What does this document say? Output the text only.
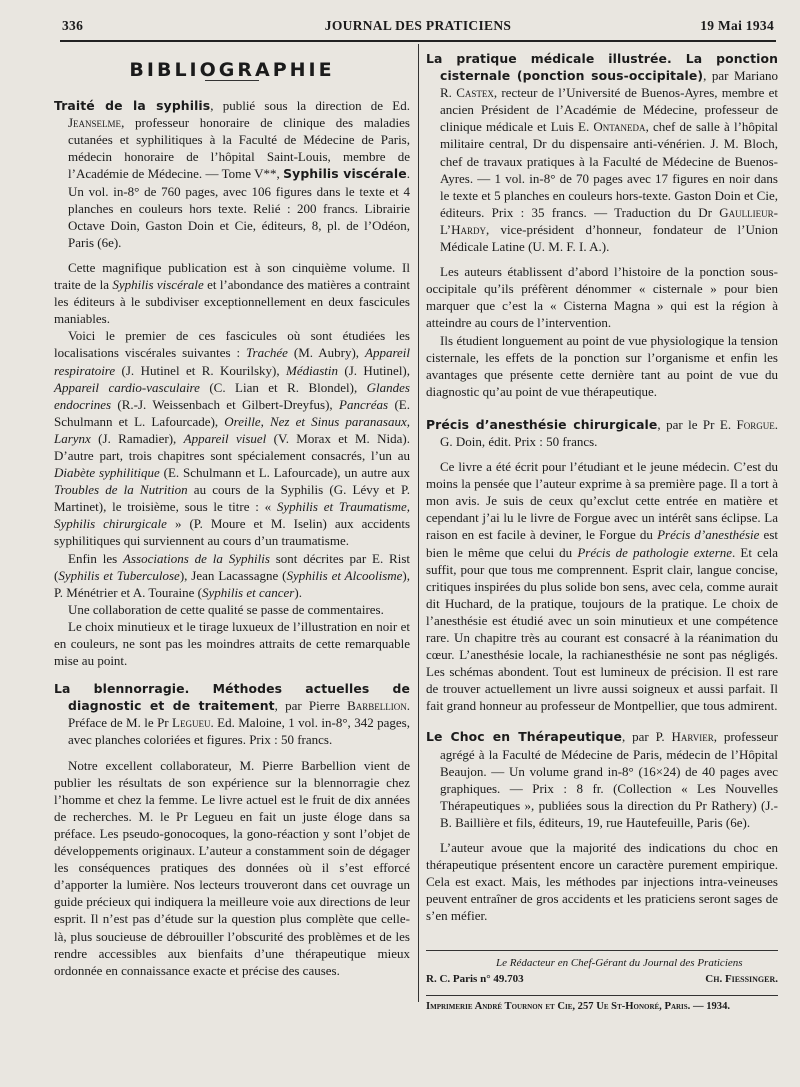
336	JOURNAL DES PRATICIENS	19 Mai 1934

BIBLIOGRAPHIE

Traité de la syphilis, publié sous la direction de Ed. Jeanselme, professeur honoraire de clinique des maladies cutanées et syphilitiques à la Faculté de Médecine de Paris, médecin honoraire de l’hôpital Saint-Louis, membre de l’Académie de Médecine. — Tome V**, Syphilis viscérale. Un vol. in-8° de 760 pages, avec 106 figures dans le texte et 4 planches en couleurs hors texte. Relié : 200 francs. Librairie Octave Doin, Gaston Doin et Cie, éditeurs, 8, pl. de l’Odéon, Paris (6e).

Cette magnifique publication est à son cinquième volume. Il traite de la Syphilis viscérale et l’abondance des matières a contraint les éditeurs à le subdiviser exceptionnellement en deux fascicules maniables.

Voici le premier de ces fascicules où sont étudiées les localisations viscérales suivantes : Trachée (M. Aubry), Appareil respiratoire (J. Hutinel et R. Kourilsky), Médiastin (J. Hutinel), Appareil cardio-vasculaire (C. Lian et R. Blondel), Glandes endocrines (R.-J. Weissenbach et Gilbert-Dreyfus), Pancréas (E. Schulmann et L. Lafourcade), Oreille, Nez et Sinus paranasaux, Larynx (J. Ramadier), Appareil visuel (V. Morax et M. Nida). D’autre part, trois chapitres sont spécialement consacrés, l’un au Diabète syphilitique (E. Schulmann et L. Lafourcade), un autre aux Troubles de la Nutrition au cours de la Syphilis (G. Lévy et P. Martinet), le troisième, sous le titre : « Syphilis et Traumatisme, Syphilis chirurgicale » (P. Moure et M. Iselin) aux accidents syphilitiques qui surviennent au cours d’un traumatisme.

Enfin les Associations de la Syphilis sont décrites par E. Rist (Syphilis et Tuberculose), Jean Lacassagne (Syphilis et Alcoolisme), P. Ménétrier et A. Touraine (Syphilis et cancer).

Une collaboration de cette qualité se passe de commentaires.

Le choix minutieux et le tirage luxueux de l’illustration en noir et en couleurs, ne sont pas les moindres attraits de cette remarquable mise au point.

La blennorragie. Méthodes actuelles de diagnostic et de traitement, par Pierre Barbellion. Préface de M. le Pr Legueu. Ed. Maloine, 1 vol. in-8°, 342 pages, avec planches coloriées et figures. Prix : 50 francs.

Notre excellent collaborateur, M. Pierre Barbellion vient de publier les résultats de son expérience sur la blennorragie chez l’homme et chez la femme. Le livre actuel est le fruit de dix années de recherches. M. le Pr Legueu en fait un juste éloge dans sa préface. Les pseudo-gonocoques, la gono-réaction y sont l’objet de développements originaux. L’auteur a constamment soin de dégager les conséquences pratiques des données où il s’est efforcé d’apporter la lumière. Nos lecteurs trouveront dans cet ouvrage un guide précieux qui indiquera la meilleure voie aux directions de leur esprit. Il n’est pas d’étude sur la question plus complète que celle-là, plus soucieuse de débrouiller l’obscurité des problèmes et de les rendre accessibles aux bienfaits d’une thérapeutique mieux ordonnée en connaissance exacte et précise des causes.

La pratique médicale illustrée. La ponction cisternale (ponction sous-occipitale), par Mariano R. Castex, recteur de l’Université de Buenos-Ayres, membre et ancien Président de l’Académie de Médecine, professeur de clinique médicale et Luis E. Ontaneda, chef de salle à l’hôpital militaire central, Dr du dispensaire anti-vénérien. J. M. Bloch, chef de travaux pratiques à la Faculté de Médecine de Buenos-Ayres. — 1 vol. in-8° de 70 pages avec 17 figures en noir dans le texte et 5 planches en couleurs hors-texte. Gaston Doin et Cie, éditeurs. Prix : 35 francs. — Traduction du Dr Gaullieur-L’Hardy, vice-président d’honneur, fondateur de l’Union Médicale Latine (U. M. F. I. A.).

Les auteurs établissent d’abord l’histoire de la ponction sous-occipitale qu’ils préfèrent dénommer « cisternale » pour bien marquer que c’est la « Cisterna Magna » qui est la région à atteindre au cours de l’intervention.

Ils étudient longuement au point de vue physiologique la tension cisternale, les effets de la ponction sur l’organisme et enfin les avantages que présente cette dernière tant au point de vue du diagnostic qu’au point de vue thérapeutique.

Précis d’anesthésie chirurgicale, par le Pr E. Forgue. G. Doin, édit. Prix : 50 francs.

Ce livre a été écrit pour l’étudiant et le jeune médecin. C’est du moins la pensée que l’auteur exprime à sa première page. Il a tort à mon avis. Je suis de ceux qu’exclut cette entrée en matière et cependant j’ai lu le livre de Forgue avec un intérêt sans éclipse. La raison en est facile à deviner, le Forgue du Précis d’anesthésie est bien le même que celui du Précis de pathologie externe. Et cela suffit, pour que tous me comprennent. Esprit clair, langue concise, critiques inspirées du plus solide bon sens, avec cela, comme aurait dit Huchard, de la pratique, toujours de la pratique. Le choix de l’anesthésie est étudié avec un soin minutieux et une compétence rare. Un chapitre très au courant est consacré à la réanimation du cœur. L’anesthésie locale, la rachianesthésie ne sont pas négligés. Les schémas abondent. Tout est lumineux de précision. Il est rare de trouver actuellement un livre aussi soigneux et aussi parfait. Il fait grand honneur au professeur de Montpellier, que tous admirent.

Le Choc en Thérapeutique, par P. Harvier, professeur agrégé à la Faculté de Médecine de Paris, médecin de l’Hôpital Beaujon. — Un volume grand in-8° (16×24) de 40 pages avec graphiques. — Prix : 8 fr. (Collection « Les Nouvelles Thérapeutiques », publiées sous la direction du Pr Rathery) (J.-B. Baillière et fils, éditeurs, 19, rue Hautefeuille, Paris (6e).

L’auteur avoue que la majorité des indications du choc en thérapeutique présentent encore un caractère purement empirique. Cela est exact. Mais, les méthodes par injections intra-veineuses peuvent entraîner de gros accidents et les praticiens seront sages de s’en méfier.

Le Rédacteur en Chef-Gérant du Journal des Praticiens
R. C. Paris n° 49.703	Ch. Fiessinger.
Imprimerie André Tournon et Cie, 257 Ue St-Honoré, Paris. — 1934.
